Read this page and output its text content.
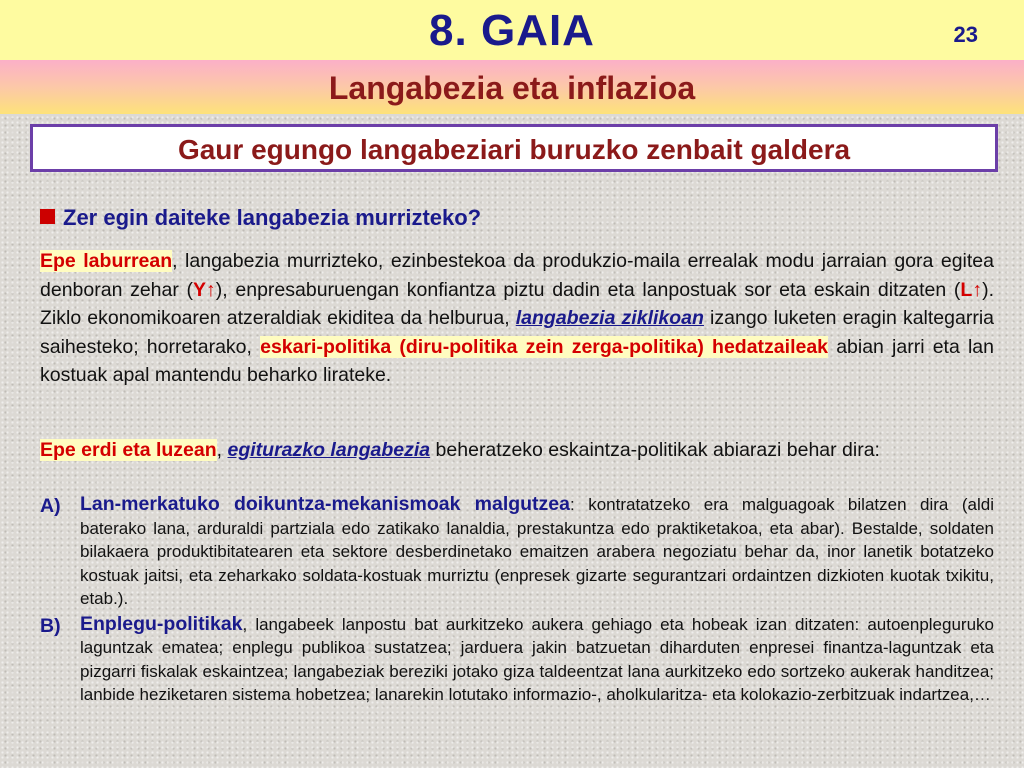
8. GAIA	23
Langabezia eta inflazioa
Gaur egungo langabeziari buruzko zenbait galdera
Zer egin daiteke langabezia murrizteko?
Epe laburrean, langabezia murrizteko, ezinbestekoa da produkzio-maila errealak modu jarraian gora egitea denboran zehar (Y↑), enpresaburuengan konfiantza piztu dadin eta lanpostuak sor eta eskain ditzaten (L↑). Ziklo ekonomikoaren atzeraldiak ekiditea da helburua, langabezia ziklikoan izango luketen eragin kaltegarria saihesteko; horretarako, eskari-politika (diru-politika zein zerga-politika) hedatzaileak abian jarri eta lan kostuak apal mantendu beharko lirateke.
Epe erdi eta luzean, egiturazko langabezia beheratzeko eskaintza-politikak abiarazi behar dira:
A) Lan-merkatuko doikuntza-mekanismoak malgutzea: kontratatzeko era malguagoak bilatzen dira (aldi baterako lana, arduraldi partziala edo zatikako lanaldia, prestakuntza edo praktiketakoa, eta abar). Bestalde, soldaten bilakaera produktibitatearen eta sektore desberdinetako emaitzen arabera negoziatu behar da, inor lanetik botatzeko kostuak jaitsi, eta zeharkako soldata-kostuak murriztu (enpresek gizarte segurantzari ordaintzen dizkioten kuotak txikitu, etab.).
B) Enplegu-politikak, langabeek lanpostu bat aurkitzeko aukera gehiago eta hobeak izan ditzaten: autoenpleguruko laguntzak ematea; enplegu publikoa sustatzea; jarduera jakin batzuetan diharduten enpresei finantza-laguntzak eta pizgarri fiskalak eskaintzea; langabeziak bereziki jotako giza taldeentzat lana aurkitzeko edo sortzeko aukerak handitzea; lanbide heziketaren sistema hobetzea; lanarekin lotutako informazio-, aholkularitza- eta kolokazio-zerbitzuak indartzea,…
